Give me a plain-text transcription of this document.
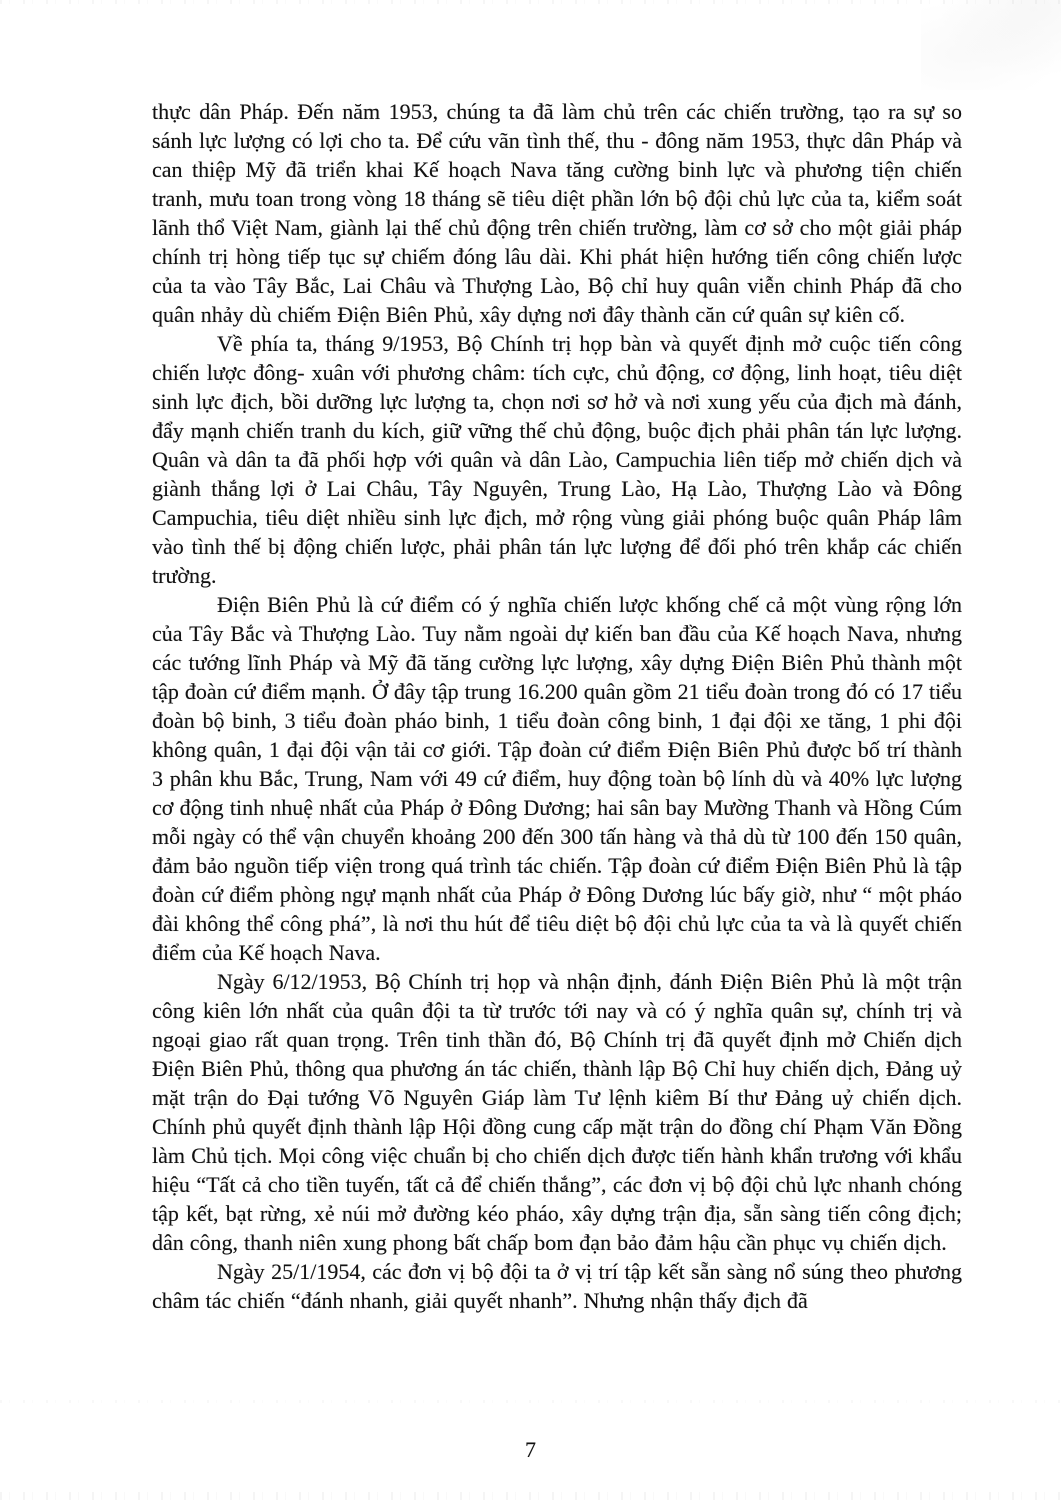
thực dân Pháp. Đến năm 1953, chúng ta đã làm chủ trên các chiến trường, tạo ra sự so sánh lực lượng có lợi cho ta. Để cứu vãn tình thế, thu - đông năm 1953, thực dân Pháp và can thiệp Mỹ đã triển khai Kế hoạch Nava tăng cường binh lực và phương tiện chiến tranh, mưu toan trong vòng 18 tháng sẽ tiêu diệt phần lớn bộ đội chủ lực của ta, kiểm soát lãnh thổ Việt Nam, giành lại thế chủ động trên chiến trường, làm cơ sở cho một giải pháp chính trị hòng tiếp tục sự chiếm đóng lâu dài. Khi phát hiện hướng tiến công chiến lược của ta vào Tây Bắc, Lai Châu và Thượng Lào, Bộ chỉ huy quân viễn chinh Pháp đã cho quân nhảy dù chiếm Điện Biên Phủ, xây dựng nơi đây thành căn cứ quân sự kiên cố.

Về phía ta, tháng 9/1953, Bộ Chính trị họp bàn và quyết định mở cuộc tiến công chiến lược đông- xuân với phương châm: tích cực, chủ động, cơ động, linh hoạt, tiêu diệt sinh lực địch, bồi dưỡng lực lượng ta, chọn nơi sơ hở và nơi xung yếu của địch mà đánh, đẩy mạnh chiến tranh du kích, giữ vững thế chủ động, buộc địch phải phân tán lực lượng. Quân và dân ta đã phối hợp với quân và dân Lào, Campuchia liên tiếp mở chiến dịch và giành thắng lợi ở Lai Châu, Tây Nguyên, Trung Lào, Hạ Lào, Thượng Lào và Đông Campuchia, tiêu diệt nhiều sinh lực địch, mở rộng vùng giải phóng buộc quân Pháp lâm vào tình thế bị động chiến lược, phải phân tán lực lượng để đối phó trên khắp các chiến trường.

Điện Biên Phủ là cứ điểm có ý nghĩa chiến lược khống chế cả một vùng rộng lớn của Tây Bắc và Thượng Lào. Tuy nằm ngoài dự kiến ban đầu của Kế hoạch Nava, nhưng các tướng lĩnh Pháp và Mỹ đã tăng cường lực lượng, xây dựng Điện Biên Phủ thành một tập đoàn cứ điểm mạnh. Ở đây tập trung 16.200 quân gồm 21 tiểu đoàn trong đó có 17 tiểu đoàn bộ binh, 3 tiểu đoàn pháo binh, 1 tiểu đoàn công binh, 1 đại đội xe tăng, 1 phi đội không quân, 1 đại đội vận tải cơ giới. Tập đoàn cứ điểm Điện Biên Phủ được bố trí thành 3 phân khu Bắc, Trung, Nam với 49 cứ điểm, huy động toàn bộ lính dù và 40% lực lượng cơ động tinh nhuệ nhất của Pháp ở Đông Dương; hai sân bay Mường Thanh và Hồng Cúm mỗi ngày có thể vận chuyển khoảng 200 đến 300 tấn hàng và thả dù từ 100 đến 150 quân, đảm bảo nguồn tiếp viện trong quá trình tác chiến. Tập đoàn cứ điểm Điện Biên Phủ là tập đoàn cứ điểm phòng ngự mạnh nhất của Pháp ở Đông Dương lúc bấy giờ, như “ một pháo đài không thể công phá”, là nơi thu hút để tiêu diệt bộ đội chủ lực của ta và là quyết chiến điểm của Kế hoạch Nava.

Ngày 6/12/1953, Bộ Chính trị họp và nhận định, đánh Điện Biên Phủ là một trận công kiên lớn nhất của quân đội ta từ trước tới nay và có ý nghĩa quân sự, chính trị và ngoại giao rất quan trọng. Trên tinh thần đó, Bộ Chính trị đã quyết định mở Chiến dịch Điện Biên Phủ, thông qua phương án tác chiến, thành lập Bộ Chỉ huy chiến dịch, Đảng uỷ mặt trận do Đại tướng Võ Nguyên Giáp làm Tư lệnh kiêm Bí thư Đảng uỷ chiến dịch. Chính phủ quyết định thành lập Hội đồng cung cấp mặt trận do đồng chí Phạm Văn Đồng làm Chủ tịch. Mọi công việc chuẩn bị cho chiến dịch được tiến hành khẩn trương với khẩu hiệu “Tất cả cho tiền tuyến, tất cả để chiến thắng”, các đơn vị bộ đội chủ lực nhanh chóng tập kết, bạt rừng, xẻ núi mở đường kéo pháo, xây dựng trận địa, sẵn sàng tiến công địch; dân công, thanh niên xung phong bất chấp bom đạn bảo đảm hậu cần phục vụ chiến dịch.

Ngày 25/1/1954, các đơn vị bộ đội ta ở vị trí tập kết sẵn sàng nổ súng theo phương châm tác chiến “đánh nhanh, giải quyết nhanh”. Nhưng nhận thấy địch đã

7
